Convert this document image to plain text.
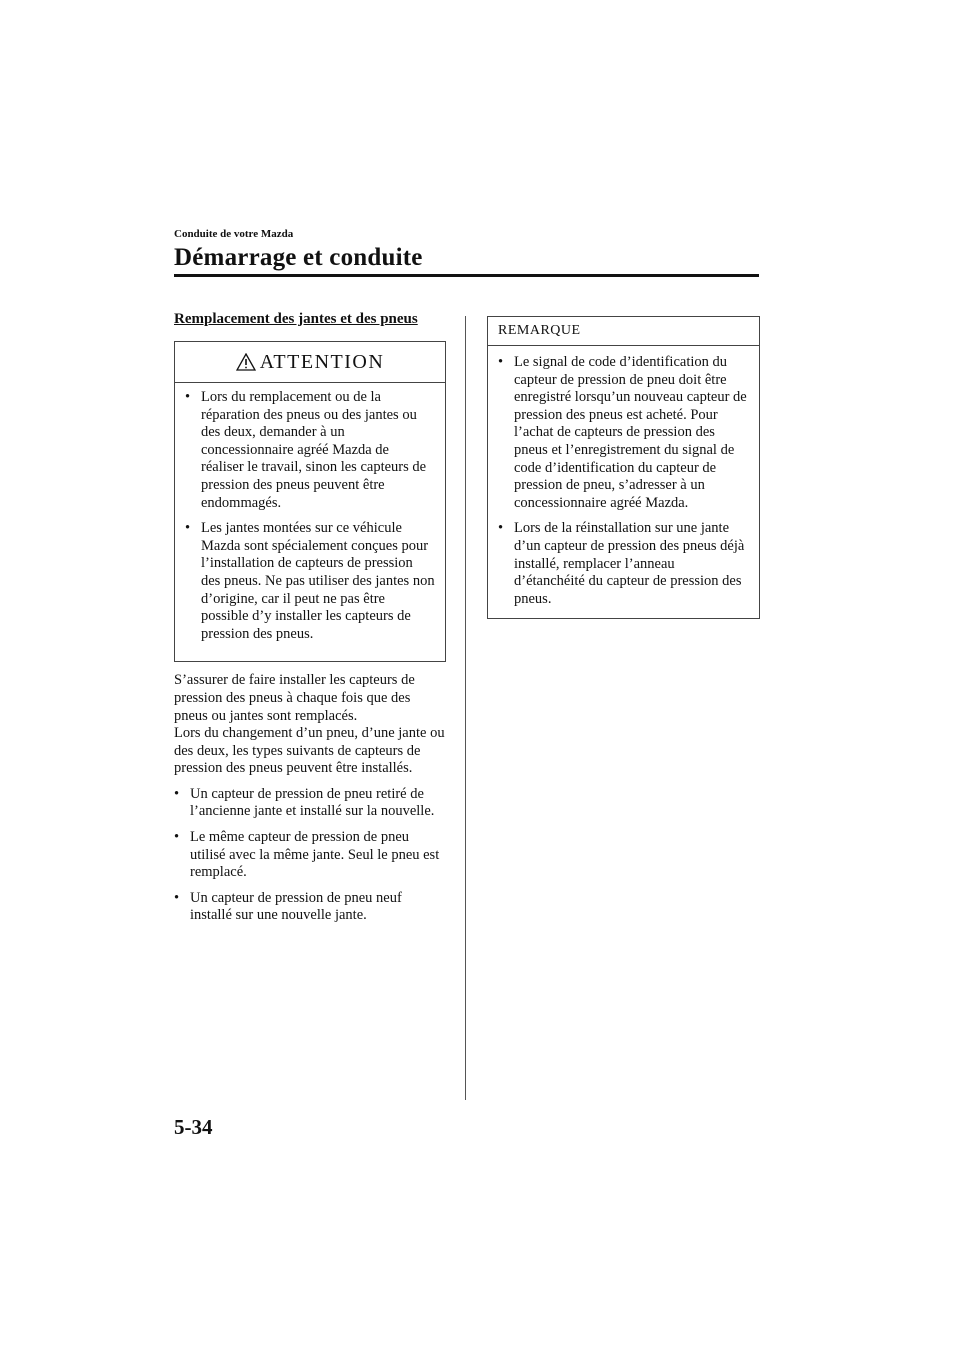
Conduite de votre Mazda
Démarrage et conduite
Remplacement des jantes et des pneus
ATTENTION
• Lors du remplacement ou de la réparation des pneus ou des jantes ou des deux, demander à un concessionnaire agréé Mazda de réaliser le travail, sinon les capteurs de pression des pneus peuvent être endommagés.
• Les jantes montées sur ce véhicule Mazda sont spécialement conçues pour l’installation de capteurs de pression des pneus. Ne pas utiliser des jantes non d’origine, car il peut ne pas être possible d’y installer les capteurs de pression des pneus.
S’assurer de faire installer les capteurs de pression des pneus à chaque fois que des pneus ou jantes sont remplacés.
Lors du changement d’un pneu, d’une jante ou des deux, les types suivants de capteurs de pression des pneus peuvent être installés.
• Un capteur de pression de pneu retiré de l’ancienne jante et installé sur la nouvelle.
• Le même capteur de pression de pneu utilisé avec la même jante. Seul le pneu est remplacé.
• Un capteur de pression de pneu neuf installé sur une nouvelle jante.
REMARQUE
• Le signal de code d’identification du capteur de pression de pneu doit être enregistré lorsqu’un nouveau capteur de pression des pneus est acheté. Pour l’achat de capteurs de pression des pneus et l’enregistrement du signal de code d’identification du capteur de pression de pneu, s’adresser à un concessionnaire agréé Mazda.
• Lors de la réinstallation sur une jante d’un capteur de pression des pneus déjà installé, remplacer l’anneau d’étanchéité du capteur de pression des pneus.
5-34
